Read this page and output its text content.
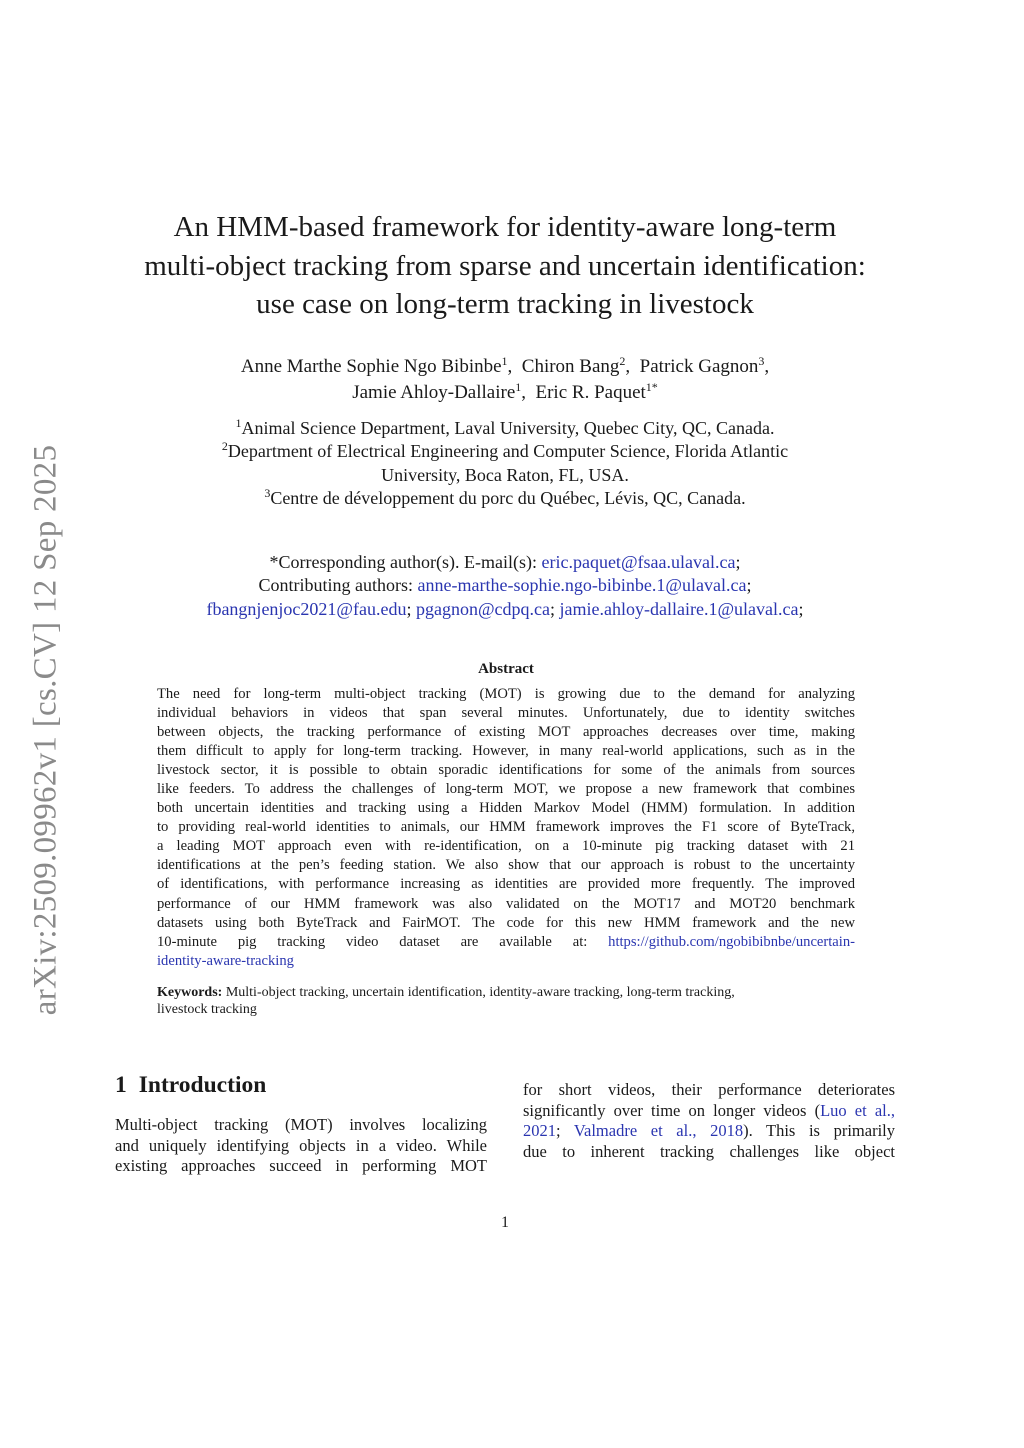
arXiv:2509.09962v1 [cs.CV] 12 Sep 2025
An HMM-based framework for identity-aware long-term
multi-object tracking from sparse and uncertain identification:
use case on long-term tracking in livestock
Anne Marthe Sophie Ngo Bibinbe$^1$,  Chiron Bang$^2$,  Patrick Gagnon$^3$,
Jamie Ahloy-Dallaire$^1$,  Eric R. Paquet$^{1*}$
$^1$Animal Science Department, Laval University, Quebec City, QC, Canada.
$^2$Department of Electrical Engineering and Computer Science, Florida Atlantic
University, Boca Raton, FL, USA.
$^3$Centre de développement du porc du Québec, Lévis, QC, Canada.
*Corresponding author(s). E-mail(s): eric.paquet@fsaa.ulaval.ca;
Contributing authors: anne-marthe-sophie.ngo-bibinbe.1@ulaval.ca;
fbangnjenjoc2021@fau.edu; pgagnon@cdpq.ca; jamie.ahloy-dallaire.1@ulaval.ca;
Abstract
The need for long-term multi-object tracking (MOT) is growing due to the demand for analyzing
individual behaviors in videos that span several minutes. Unfortunately, due to identity switches
between objects, the tracking performance of existing MOT approaches decreases over time, making
them difficult to apply for long-term tracking. However, in many real-world applications, such as in the
livestock sector, it is possible to obtain sporadic identifications for some of the animals from sources
like feeders. To address the challenges of long-term MOT, we propose a new framework that combines
both uncertain identities and tracking using a Hidden Markov Model (HMM) formulation. In addition
to providing real-world identities to animals, our HMM framework improves the F1 score of ByteTrack,
a leading MOT approach even with re-identification, on a 10-minute pig tracking dataset with 21
identifications at the pen’s feeding station. We also show that our approach is robust to the uncertainty
of identifications, with performance increasing as identities are provided more frequently. The improved
performance of our HMM framework was also validated on the MOT17 and MOT20 benchmark
datasets using both ByteTrack and FairMOT. The code for this new HMM framework and the new
10-minute pig tracking video dataset are available at: https://github.com/ngobibibnbe/uncertain-
identity-aware-tracking
Keywords: Multi-object tracking, uncertain identification, identity-aware tracking, long-term tracking,
livestock tracking
1 Introduction
Multi-object tracking (MOT) involves localizing
and uniquely identifying objects in a video. While
existing approaches succeed in performing MOT
for short videos, their performance deteriorates
significantly over time on longer videos (Luo et al.,
2021; Valmadre et al., 2018). This is primarily
due to inherent tracking challenges like object
1
